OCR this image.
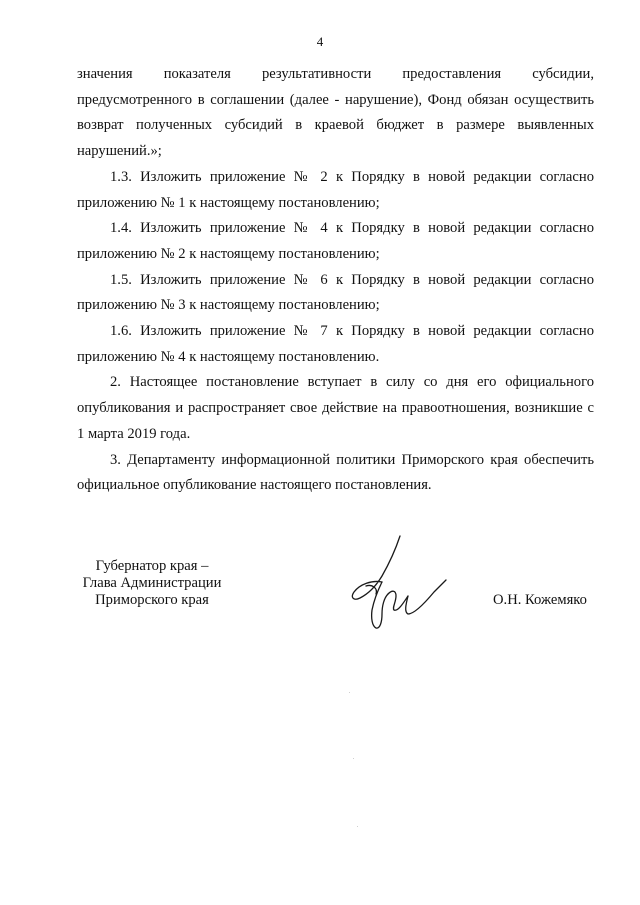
4

значения показателя результативности предоставления субсидии, предусмотренного в соглашении (далее - нарушение), Фонд обязан осуществить возврат полученных субсидий в краевой бюджет в размере выявленных нарушений.»;

1.3. Изложить приложение № 2 к Порядку в новой редакции согласно приложению № 1 к настоящему постановлению;

1.4. Изложить приложение № 4 к Порядку в новой редакции согласно приложению № 2 к настоящему постановлению;

1.5. Изложить приложение № 6 к Порядку в новой редакции согласно приложению № 3 к настоящему постановлению;

1.6. Изложить приложение № 7 к Порядку в новой редакции согласно приложению № 4 к настоящему постановлению.

2. Настоящее постановление вступает в силу со дня его официального опубликования и распространяет свое действие на правоотношения, возникшие с 1 марта 2019 года.

3. Департаменту информационной политики Приморского края обеспечить официальное опубликование настоящего постановления.

Губернатор края –
Глава Администрации
Приморского края	О.Н. Кожемяко
